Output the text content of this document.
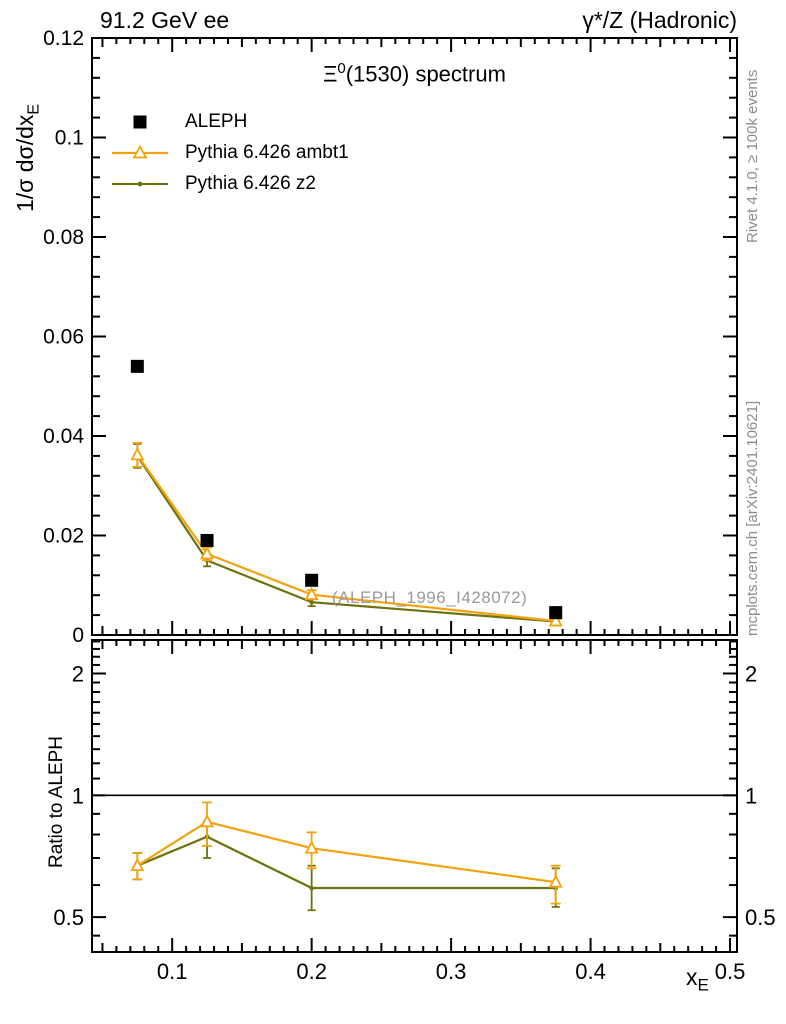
0.1	0.2	0.3	0.4	0.5
0
0.02
0.04
0.06
0.08
0.1
0.12
0.5	0.5
1	1
2	2
91.2 GeV ee	γ*/Z (Hadronic)
$\Xi^0(1530)$ spectrum
ALEPH
Pythia 6.426 ambt1
Pythia 6.426 z2
1/σ $d\sigma/dx_E$
Ratio to ALEPH
$x_E$
(ALEPH_1996_I428072)
Rivet 4.1.0, ≥ 100k events
mcplots.cern.ch [arXiv:2401.10621]
